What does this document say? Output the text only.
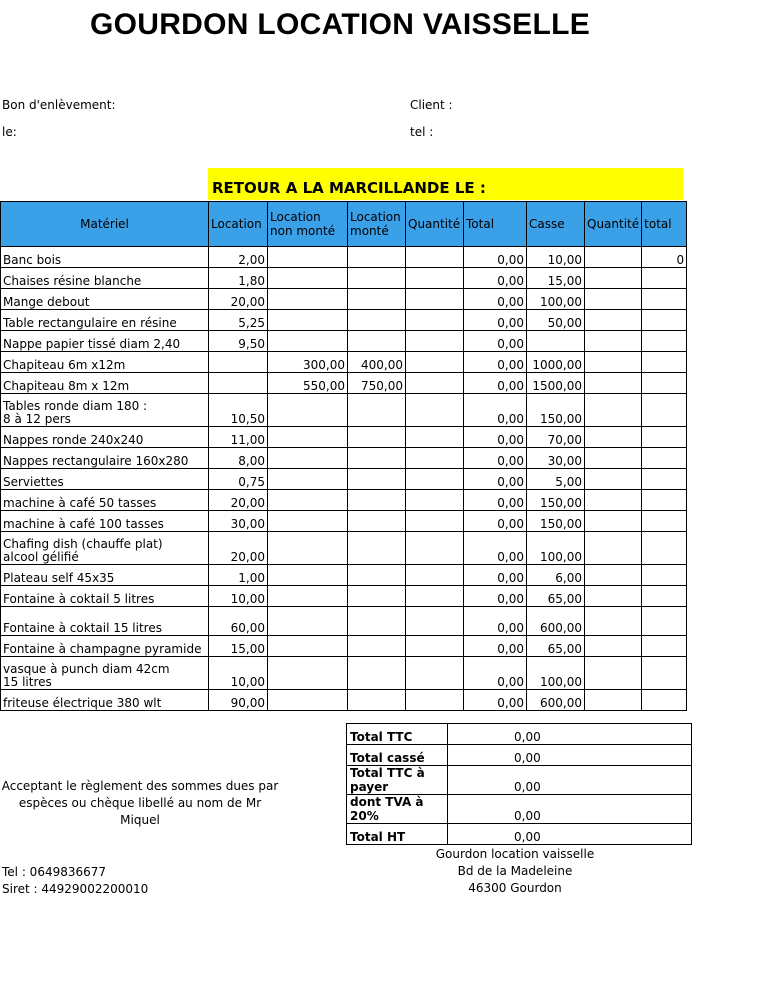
GOURDON LOCATION VAISSELLE
Bon d'enlèvement:	Client :
le:	tel :
RETOUR A LA MARCILLANDE LE :
Matériel	Location	Location non monté	Location monté	Quantité	Total	Casse	Quantité	total
Banc bois	2,00				0,00	10,00		0
Chaises résine blanche	1,80				0,00	15,00		
Mange debout	20,00				0,00	100,00		
Table rectangulaire en résine	5,25				0,00	50,00		
Nappe papier tissé diam 2,40	9,50				0,00			
Chapiteau 6m x12m		300,00	400,00		0,00	1000,00		
Chapiteau 8m x 12m		550,00	750,00		0,00	1500,00		
Tables ronde diam 180 :
8 à 12 pers	10,50				0,00	150,00		
Nappes ronde 240x240	11,00				0,00	70,00		
Nappes rectangulaire 160x280	8,00				0,00	30,00		
Serviettes	0,75				0,00	5,00		
machine à café 50 tasses	20,00				0,00	150,00		
machine à café 100 tasses	30,00				0,00	150,00		
Chafing dish (chauffe plat)
alcool gélifié	20,00				0,00	100,00		
Plateau self 45x35	1,00				0,00	6,00		
Fontaine à coktail 5 litres	10,00				0,00	65,00		
Fontaine à coktail 15 litres	60,00				0,00	600,00		
Fontaine à champagne pyramide	15,00				0,00	65,00		
vasque à punch diam 42cm
15 litres	10,00				0,00	100,00		
friteuse électrique 380 wlt	90,00				0,00	600,00		
Total TTC	0,00
Total cassé	0,00
Total TTC à payer	0,00
dont TVA à 20%	0,00
Total HT	0,00
Acceptant le règlement des sommes dues par espèces ou chèque libellé au nom de Mr Miquel
Tel : 0649836677
Siret : 44929002200010
Gourdon location vaisselle
Bd de la Madeleine
46300 Gourdon
